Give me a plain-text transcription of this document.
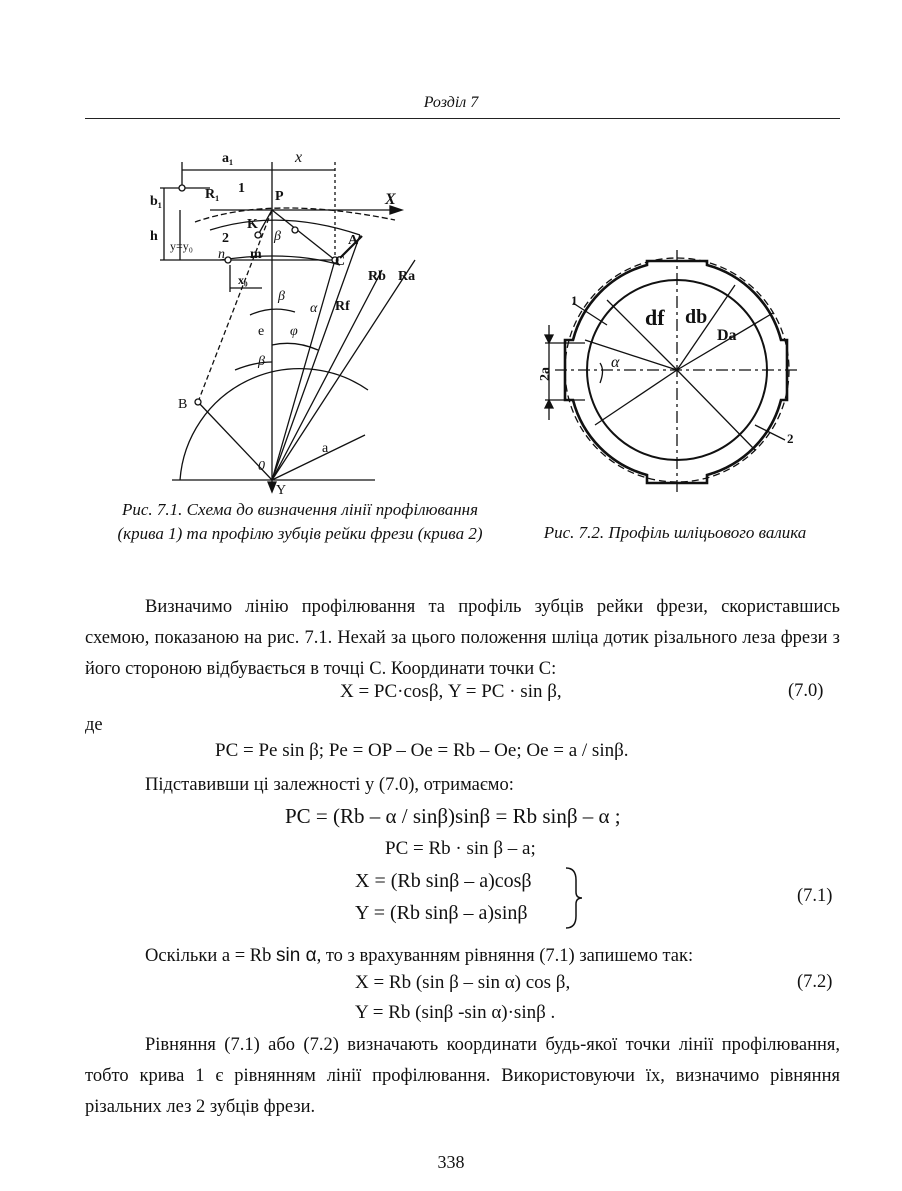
Розділ 7
a₁	x
b₁	R₁ 1
P	X
h
y=y₀
K
2	β	A
n m	C
x₀	Rb Ra
β
α Rf
e φ
β
B
a
0
Y
1
df db
Da
2a
α
2
Рис. 7.1. Схема до визначення лінії профілювання (крива 1) та профілю зубців рейки фрези (крива 2)	Рис. 7.2. Профіль шліцьового валика
Визначимо лінію профілювання та профіль зубців рейки фрези, скориставшись схемою, показаною на рис. 7.1. Нехай за цього положення шліца дотик різального леза фрези з його стороною відбувається в точці С. Координати точки С:
X = PC·cosβ, Y = PC · sin β,	(7.0)
де
PC = Pe sin β; Pe = OP – Oe = Rb – Oe; Oe = a / sinβ.
Підставивши ці залежності у (7.0), отримаємо:
PC = (Rb – α / sinβ)sinβ = Rb sinβ – α ;
PC = Rb · sin β – a;
X = (Rb sinβ – a)cosβ
Y = (Rb sinβ – a)sinβ
(7.1)
Оскільки a = Rb sin α, то з врахуванням рівняння (7.1) запишемо так:
X = Rb (sin β – sin α) cos β,
Y = Rb (sinβ -sin α)·sinβ .
(7.2)
Рівняння (7.1) або (7.2) визначають координати будь-якої точки лінії профілювання, тобто крива 1 є рівнянням лінії профілювання. Використовуючи їх, визначимо рівняння різальних лез 2 зубців фрези.
338
